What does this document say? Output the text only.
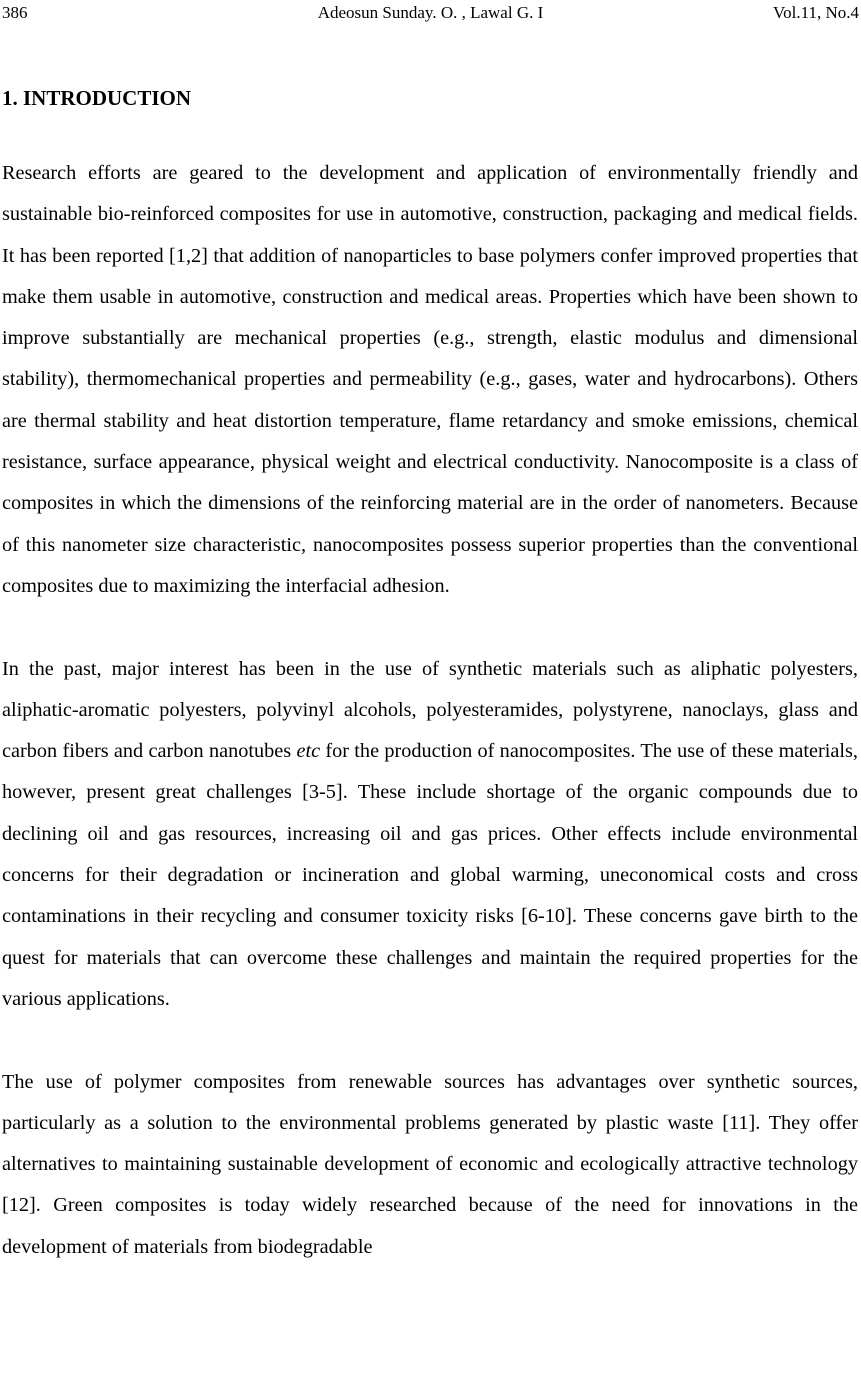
386	Adeosun Sunday. O. , Lawal G. I	Vol.11, No.4
1. INTRODUCTION

Research efforts are geared to the development and application of environmentally friendly and sustainable bio-reinforced composites for use in automotive, construction, packaging and medical fields. It has been reported [1,2] that addition of nanoparticles to base polymers confer improved properties that make them usable in automotive, construction and medical areas. Properties which have been shown to improve substantially are mechanical properties (e.g., strength, elastic modulus and dimensional stability), thermomechanical properties and permeability (e.g., gases, water and hydrocarbons). Others are thermal stability and heat distortion temperature, flame retardancy and smoke emissions, chemical resistance, surface appearance, physical weight and electrical conductivity. Nanocomposite is a class of composites in which the dimensions of the reinforcing material are in the order of nanometers. Because of this nanometer size characteristic, nanocomposites possess superior properties than the conventional composites due to maximizing the interfacial adhesion.

In the past, major interest has been in the use of synthetic materials such as aliphatic polyesters, aliphatic-aromatic polyesters, polyvinyl alcohols, polyesteramides, polystyrene, nanoclays, glass and carbon fibers and carbon nanotubes etc for the production of nanocomposites. The use of these materials, however, present great challenges [3-5]. These include shortage of the organic compounds due to declining oil and gas resources, increasing oil and gas prices. Other effects include environmental concerns for their degradation or incineration and global warming, uneconomical costs and cross contaminations in their recycling and consumer toxicity risks [6-10]. These concerns gave birth to the quest for materials that can overcome these challenges and maintain the required properties for the various applications.

The use of polymer composites from renewable sources has advantages over synthetic sources, particularly as a solution to the environmental problems generated by plastic waste [11]. They offer alternatives to maintaining sustainable development of economic and ecologically attractive technology [12]. Green composites is today widely researched because of the need for innovations in the development of materials from biodegradable
